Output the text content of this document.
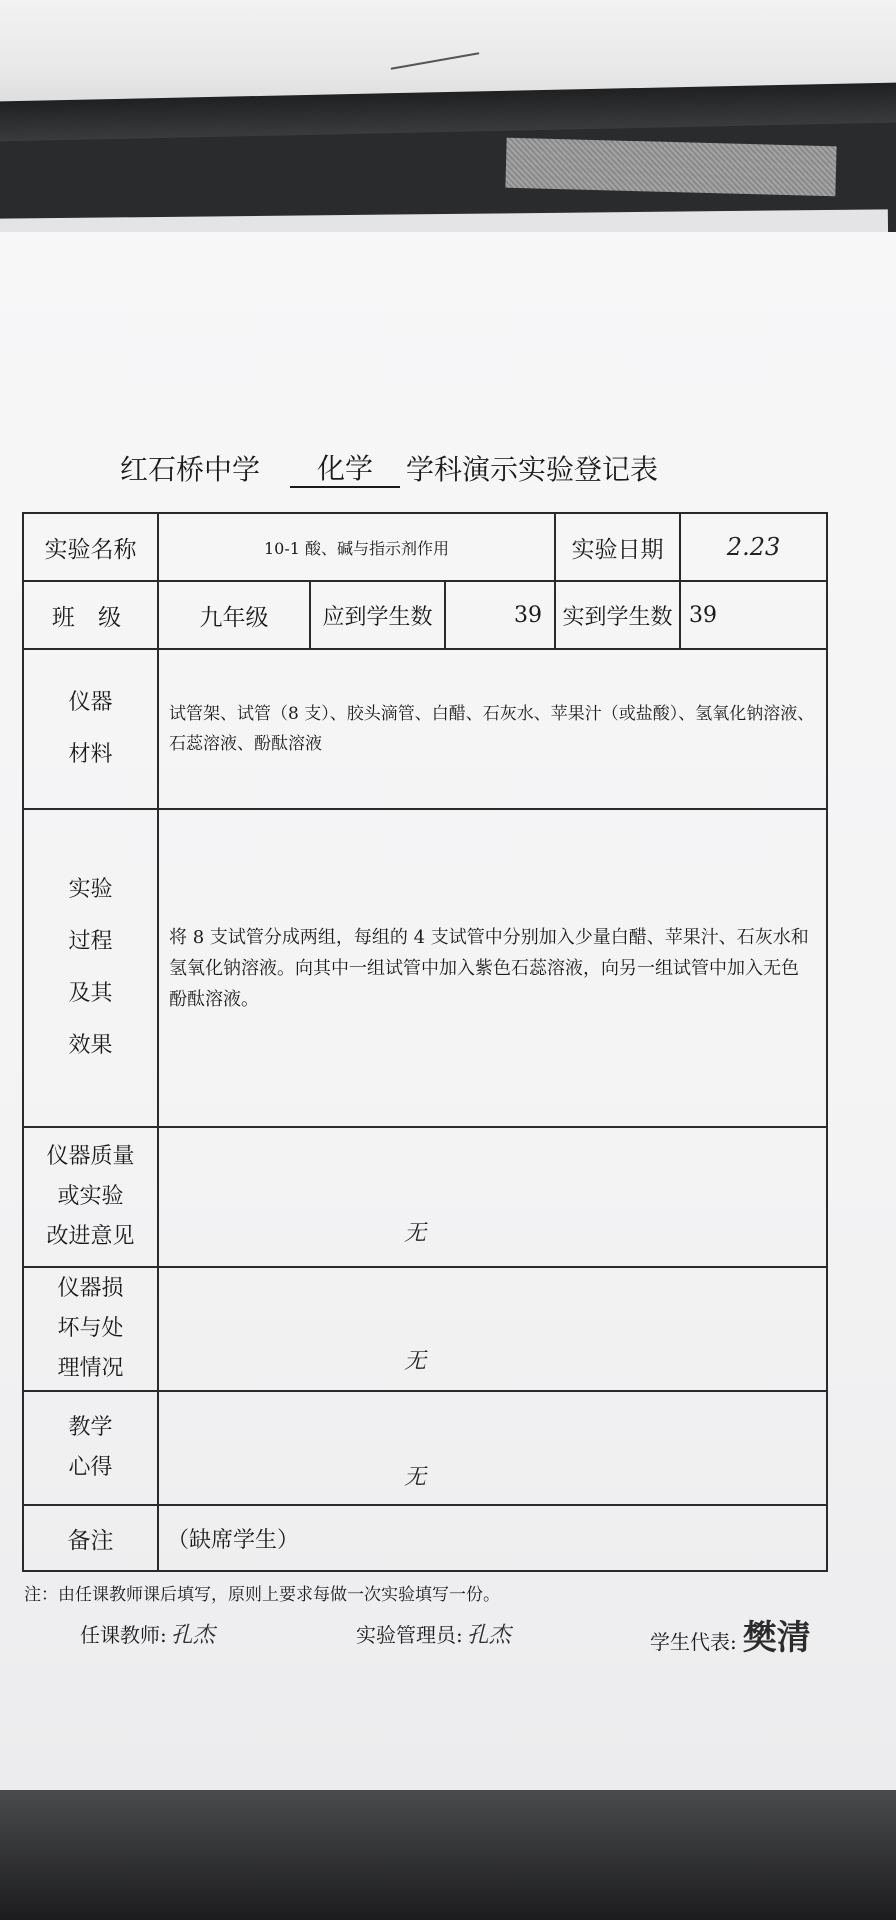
红石桥中学	化学	学科演示实验登记表
实验名称	10-1 酸、碱与指示剂作用			实验日期	2.23
班 级	九年级	应到学生数	39	实到学生数	39

仪器
材料	试管架、试管（8 支）、胶头滴管、白醋、石灰水、苹果汁（或盐酸）、氢氧化钠溶液、石蕊溶液、酚酞溶液				

实验
过程
及其
效果	将 8 支试管分成两组，每组的 4 支试管中分别加入少量白醋、苹果汁、石灰水和氢氧化钠溶液。向其中一组试管中加入紫色石蕊溶液，向另一组试管中加入无色酚酞溶液。				

仪器质量
或实验
改进意见	无				

仪器损
坏与处
理情况	无				

教学
心得	无				

备注	（缺席学生）				
注：由任课教师课后填写，原则上要求每做一次实验填写一份。
任课教师: 孔杰	实验管理员: 孔杰	学生代表: 樊清
